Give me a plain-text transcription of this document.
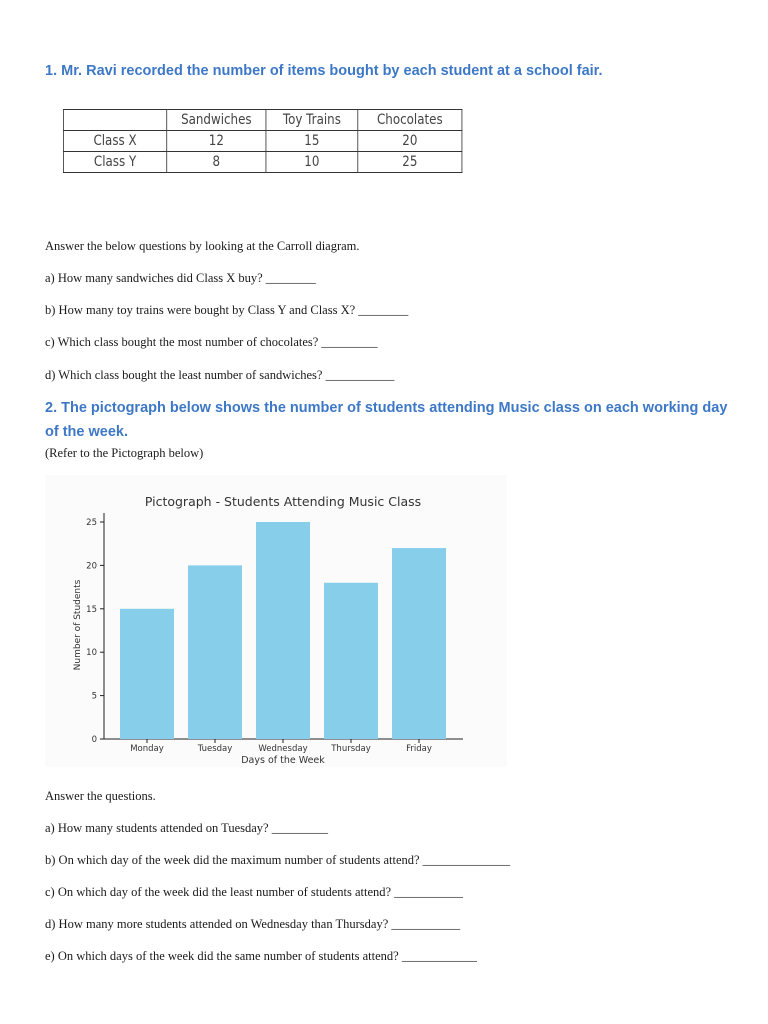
1. Mr. Ravi recorded the number of items bought by each student at a school fair.
	Sandwiches	Toy Trains	Chocolates
Class X	12	15	20
Class Y	8	10	25
Answer the below questions by looking at the Carroll diagram.
a) How many sandwiches did Class X buy? ________
b) How many toy trains were bought by Class Y and Class X? ________
c) Which class bought the most number of chocolates? _________
d) Which class bought the least number of sandwiches? ___________
2. The pictograph below shows the number of students attending Music class on each working day
of the week.
(Refer to the Pictograph below)
Pictograph - Students Attending Music Class
Days of the Week
Number of Students
0
5
10
15
20
25
Monday	Tuesday	Wednesday	Thursday	Friday
Answer the questions.
a) How many students attended on Tuesday? _________
b) On which day of the week did the maximum number of students attend? ______________
c) On which day of the week did the least number of students attend? ___________
d) How many more students attended on Wednesday than Thursday? ___________
e) On which days of the week did the same number of students attend? ____________
